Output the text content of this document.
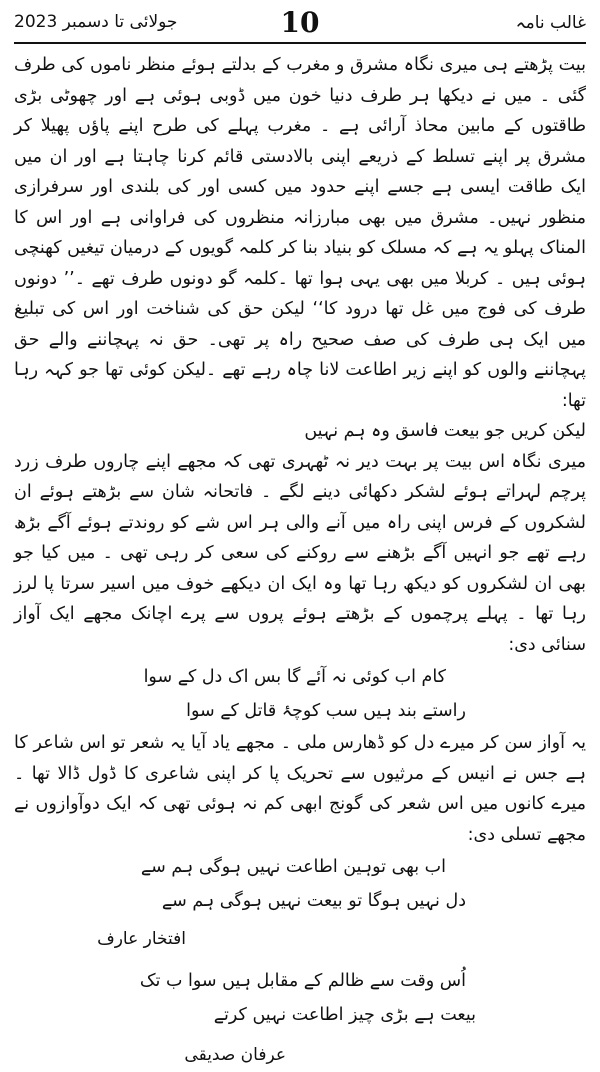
غالب نامہ
10
جولائی تا دسمبر 2023

بیت پڑھتے ہی میری نگاہ مشرق و مغرب کے بدلتے ہوئے منظر ناموں کی طرف گئی ۔ میں نے دیکھا ہر طرف دنیا خون میں ڈوبی ہوئی ہے اور چھوٹی بڑی طاقتوں کے مابین محاذ آرائی ہے ۔ مغرب پہلے کی طرح اپنے پاؤں پھیلا کر مشرق پر اپنے تسلط کے ذریعے اپنی بالادستی قائم کرنا چاہتا ہے اور ان میں ایک طاقت ایسی ہے جسے اپنے حدود میں کسی اور کی بلندی اور سرفرازی منظور نہیں۔ مشرق میں بھی مبارزانہ منظروں کی فراوانی ہے اور اس کا المناک پہلو یہ ہے کہ مسلک کو بنیاد بنا کر کلمہ گویوں کے درمیان تیغیں کھنچی ہوئی ہیں ۔ کربلا میں بھی یہی ہوا تھا ۔کلمہ گو دونوں طرف تھے ۔’’ دونوں طرف کی فوج میں غل تھا درود کا‘‘ لیکن حق کی شناخت اور اس کی تبلیغ میں ایک ہی طرف کی صف صحیح راہ پر تھی۔ حق نہ پہچاننے والے حق پہچاننے والوں کو اپنے زیر اطاعت لانا چاہ رہے تھے ۔لیکن کوئی تھا جو کہہ رہا تھا:

لیکن کریں جو بیعت فاسق وہ ہم نہیں

میری نگاہ اس بیت پر بہت دیر نہ ٹھہری تھی کہ مجھے اپنے چاروں طرف زرد پرچم لہراتے ہوئے لشکر دکھائی دینے لگے ۔ فاتحانہ شان سے بڑھتے ہوئے ان لشکروں کے فرس اپنی راہ میں آنے والی ہر اس شے کو روندتے ہوئے آگے بڑھ رہے تھے جو انہیں آگے بڑھنے سے روکنے کی سعی کر رہی تھی ۔ میں کیا جو بھی ان لشکروں کو دیکھ رہا تھا وہ ایک ان دیکھے خوف میں اسیر سرتا پا لرز رہا تھا ۔ پہلے پرچموں کے بڑھتے ہوئے پروں سے پرے اچانک مجھے ایک آواز سنائی دی:

کام اب کوئی نہ آئے گا بس اک دل کے سوا
راستے بند ہیں سب کوچۂ قاتل کے سوا

یہ آواز سن کر میرے دل کو ڈھارس ملی ۔ مجھے یاد آیا یہ شعر تو اس شاعر کا ہے جس نے انیس کے مرثیوں سے تحریک پا کر اپنی شاعری کا ڈول ڈالا تھا ۔ میرے کانوں میں اس شعر کی گونج ابھی کم نہ ہوئی تھی کہ ایک دوآوازوں نے مجھے تسلی دی:

اب بھی توہین اطاعت نہیں ہوگی ہم سے
دل نہیں ہوگا تو بیعت نہیں ہوگی ہم سے
افتخار عارف
اُس وقت سے ظالم کے مقابل ہیں سوا ب تک
بیعت ہے بڑی چیز اطاعت نہیں کرتے
عرفان صدیقی
